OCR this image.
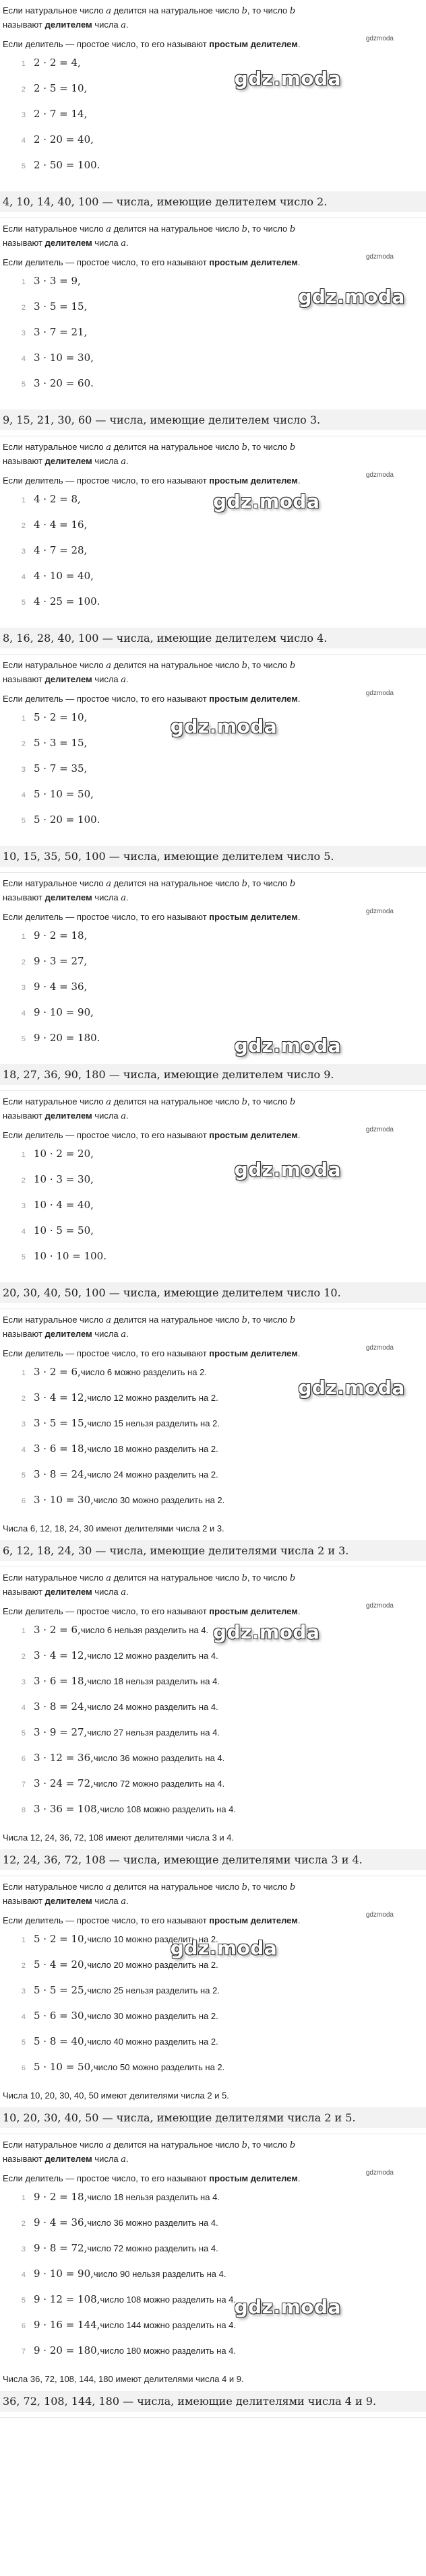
Если натуральное число a делится на натуральное число b, то число b
называют делителем числа a.

Если делитель — простое число, то его называют простым делителем.

1 2 · 2 = 4,
2 2 · 5 = 10,
3 2 · 7 = 14,
4 2 · 20 = 40,
5 2 · 50 = 100.
4, 10, 14, 40, 100 — числа, имеющие делителем число 2.
gdz.moda
gdzmoda

Если натуральное число a делится на натуральное число b, то число b
называют делителем числа a.

Если делитель — простое число, то его называют простым делителем.

1 3 · 3 = 9,
2 3 · 5 = 15,
3 3 · 7 = 21,
4 3 · 10 = 30,
5 3 · 20 = 60.
9, 15, 21, 30, 60 — числа, имеющие делителем число 3.
gdz.moda
gdzmoda

Если натуральное число a делится на натуральное число b, то число b
называют делителем числа a.

Если делитель — простое число, то его называют простым делителем.

1 4 · 2 = 8,
2 4 · 4 = 16,
3 4 · 7 = 28,
4 4 · 10 = 40,
5 4 · 25 = 100.
8, 16, 28, 40, 100 — числа, имеющие делителем число 4.
gdz.moda
gdzmoda

Если натуральное число a делится на натуральное число b, то число b
называют делителем числа a.

Если делитель — простое число, то его называют простым делителем.

1 5 · 2 = 10,
2 5 · 3 = 15,
3 5 · 7 = 35,
4 5 · 10 = 50,
5 5 · 20 = 100.
10, 15, 35, 50, 100 — числа, имеющие делителем число 5.
gdz.moda
gdzmoda

Если натуральное число a делится на натуральное число b, то число b
называют делителем числа a.

Если делитель — простое число, то его называют простым делителем.

1 9 · 2 = 18,
2 9 · 3 = 27,
3 9 · 4 = 36,
4 9 · 10 = 90,
5 9 · 20 = 180.
18, 27, 36, 90, 180 — числа, имеющие делителем число 9.
gdz.moda
gdzmoda

Если натуральное число a делится на натуральное число b, то число b
называют делителем числа a.

Если делитель — простое число, то его называют простым делителем.

1 10 · 2 = 20,
2 10 · 3 = 30,
3 10 · 4 = 40,
4 10 · 5 = 50,
5 10 · 10 = 100.
20, 30, 40, 50, 100 — числа, имеющие делителем число 10.
gdz.moda
gdzmoda

Если натуральное число a делится на натуральное число b, то число b
называют делителем числа a.

Если делитель — простое число, то его называют простым делителем.

1 3 · 2 = 6, число 6 можно разделить на 2.
2 3 · 4 = 12, число 12 можно разделить на 2.
3 3 · 5 = 15, число 15 нельзя разделить на 2.
4 3 · 6 = 18, число 18 можно разделить на 2.
5 3 · 8 = 24, число 24 можно разделить на 2.
6 3 · 10 = 30, число 30 можно разделить на 2.

Числа 6, 12, 18, 24, 30 имеют делителями числа 2 и 3.

6, 12, 18, 24, 30 — числа, имеющие делителями числа 2 и 3.
gdz.moda
gdzmoda

Если натуральное число a делится на натуральное число b, то число b
называют делителем числа a.

Если делитель — простое число, то его называют простым делителем.

1 3 · 2 = 6, число 6 нельзя разделить на 4.
2 3 · 4 = 12, число 12 можно разделить на 4.
3 3 · 6 = 18, число 18 нельзя разделить на 4.
4 3 · 8 = 24, число 24 можно разделить на 4.
5 3 · 9 = 27, число 27 нельзя разделить на 4.
6 3 · 12 = 36, число 36 можно разделить на 4.
7 3 · 24 = 72, число 72 можно разделить на 4.
8 3 · 36 = 108, число 108 можно разделить на 4.

Числа 12, 24, 36, 72, 108 имеют делителями числа 3 и 4.

12, 24, 36, 72, 108 — числа, имеющие делителями числа 3 и 4.
gdz.moda
gdzmoda

Если натуральное число a делится на натуральное число b, то число b
называют делителем числа a.

Если делитель — простое число, то его называют простым делителем.

1 5 · 2 = 10, число 10 можно разделить на 2.
2 5 · 4 = 20, число 20 можно разделить на 2.
3 5 · 5 = 25, число 25 нельзя разделить на 2.
4 5 · 6 = 30, число 30 можно разделить на 2.
5 5 · 8 = 40, число 40 можно разделить на 2.
6 5 · 10 = 50, число 50 можно разделить на 2.

Числа 10, 20, 30, 40, 50 имеют делителями числа 2 и 5.

10, 20, 30, 40, 50 — числа, имеющие делителями числа 2 и 5.
gdz.moda
gdzmoda

Если натуральное число a делится на натуральное число b, то число b
называют делителем числа a.

Если делитель — простое число, то его называют простым делителем.

1 9 · 2 = 18, число 18 нельзя разделить на 4.
2 9 · 4 = 36, число 36 можно разделить на 4.
3 9 · 8 = 72, число 72 можно разделить на 4.
4 9 · 10 = 90, число 90 нельзя разделить на 4.
5 9 · 12 = 108, число 108 можно разделить на 4.
6 9 · 16 = 144, число 144 можно разделить на 4.
7 9 · 20 = 180, число 180 можно разделить на 4.

Числа 36, 72, 108, 144, 180 имеют делителями числа 4 и 9.

36, 72, 108, 144, 180 — числа, имеющие делителями числа 4 и 9.
gdz.moda
gdzmoda
